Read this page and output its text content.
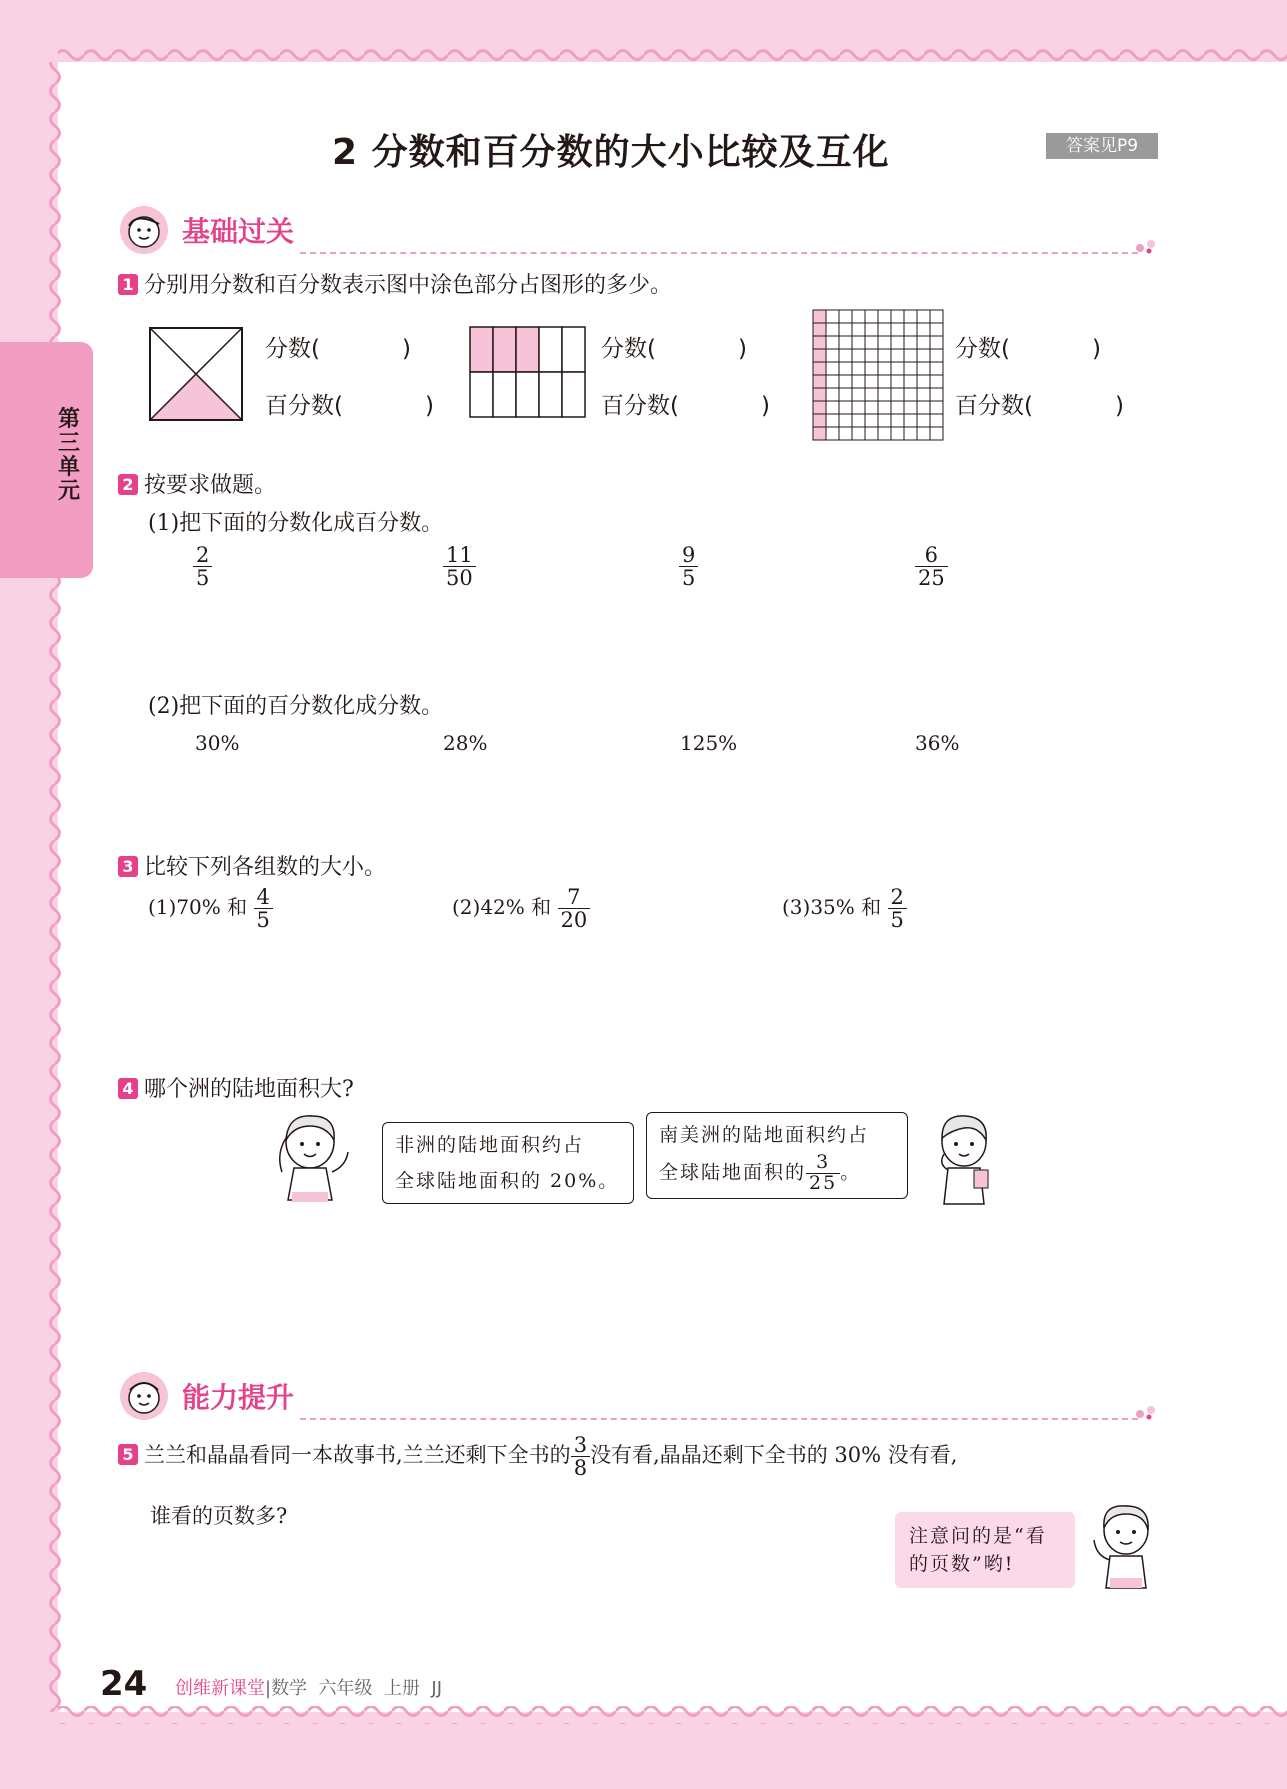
第三单元
2 分数和百分数的大小比较及互化	答案见P9
基础过关
1 分别用分数和百分数表示图中涂色部分占图形的多少。
分数(	)
百分数(	)
分数(	)
百分数(	)
分数(	)
百分数(	)
2 按要求做题。
(1)把下面的分数化成百分数。
$\frac{2}{5}$	$\frac{11}{50}$	$\frac{9}{5}$	$\frac{6}{25}$
(2)把下面的百分数化成分数。
30%	28%	125%	36%
3 比较下列各组数的大小。
(1)70% 和 $\frac{4}{5}$	(2)42% 和 $\frac{7}{20}$	(3)35% 和 $\frac{2}{5}$
4 哪个洲的陆地面积大?
非洲的陆地面积约占
全球陆地面积的 20%。
南美洲的陆地面积约占
全球陆地面积的 $\frac{3}{25}$ 。
能力提升
5 兰兰和晶晶看同一本故事书,兰兰还剩下全书的 $\frac{3}{8}$ 没有看,晶晶还剩下全书的 30% 没有看,
谁看的页数多?
注意问的是“看
的页数”哟!
24 创维新课堂|数学  六年级  上册  JJ
